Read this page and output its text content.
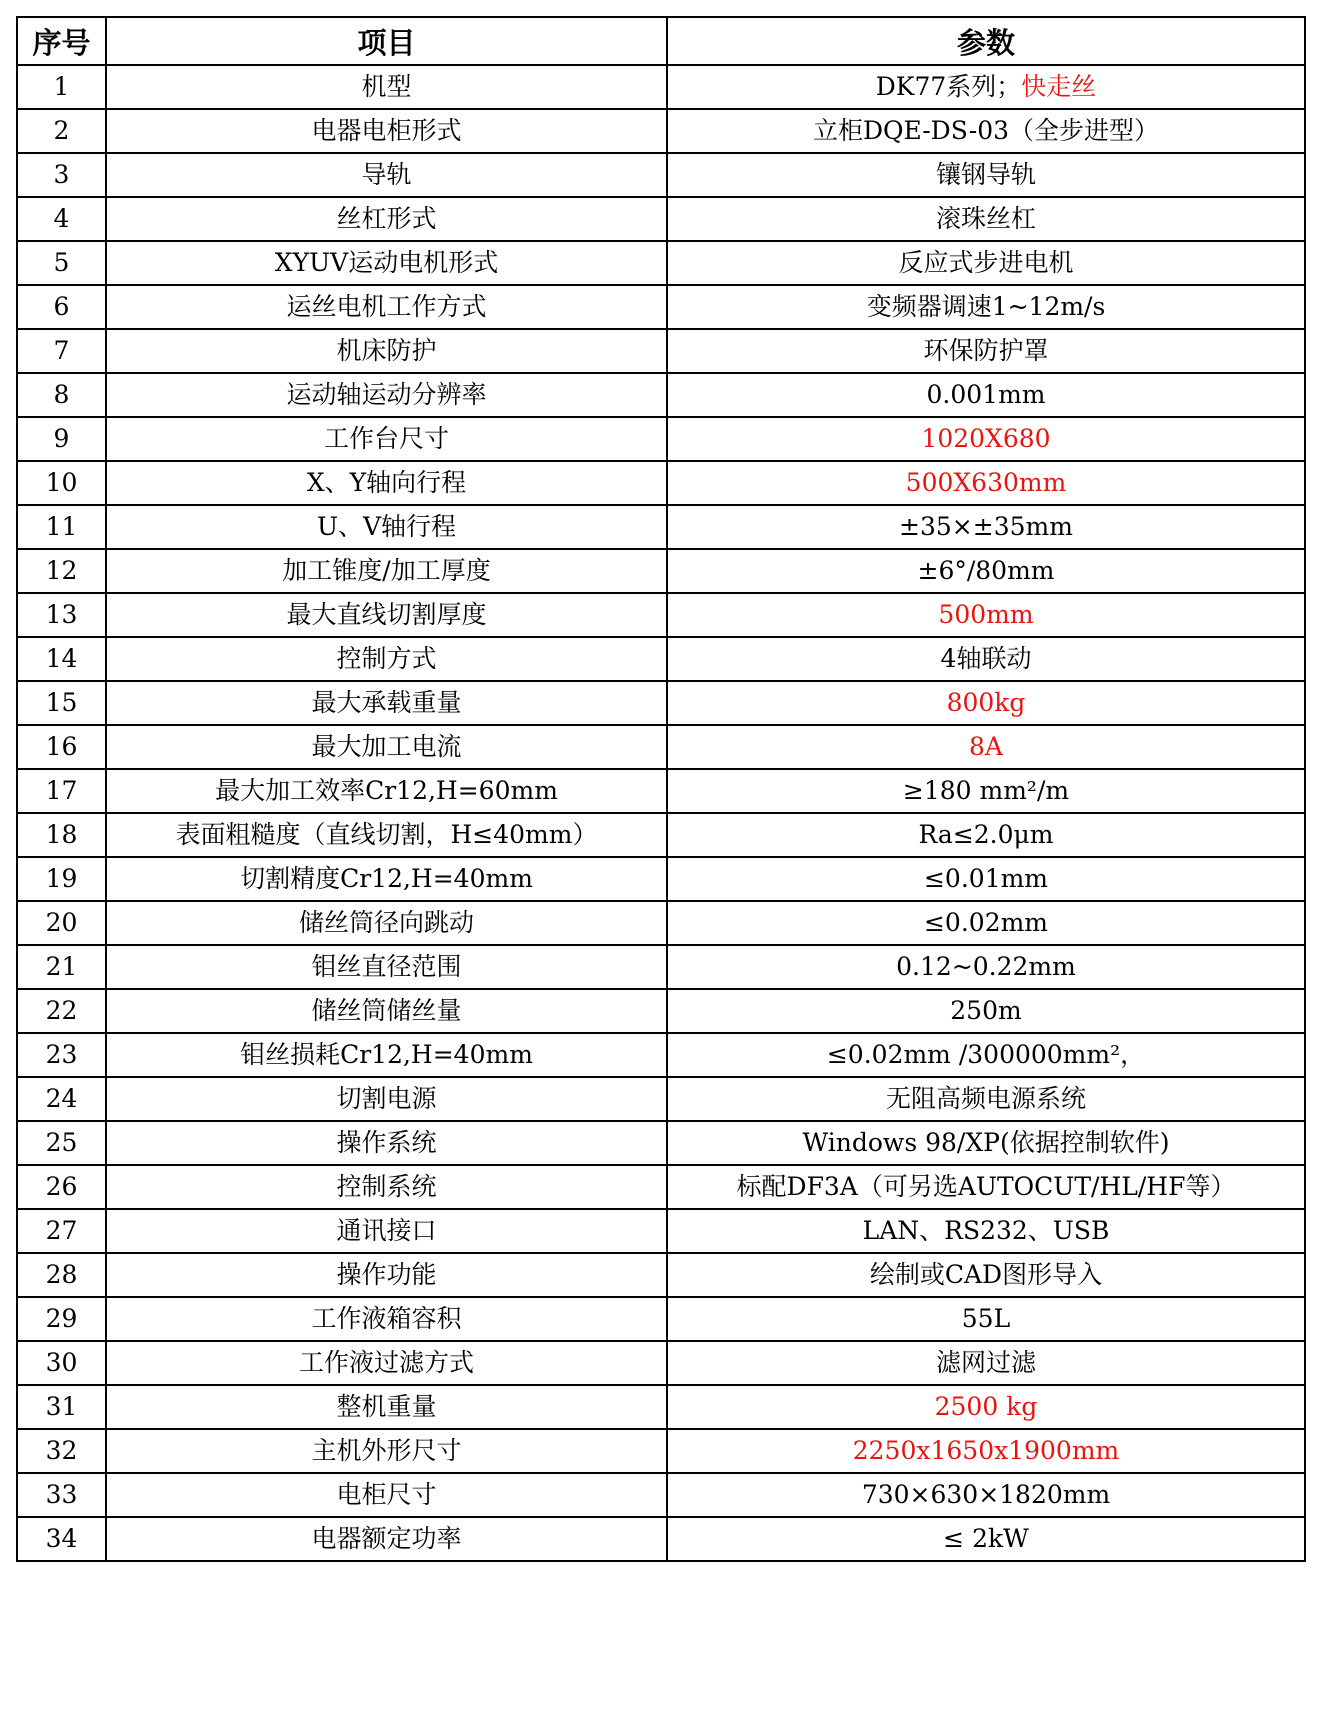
序号	项目	参数
1	机型	DK77系列；快走丝
2	电器电柜形式	立柜DQE-DS-03（全步进型）
3	导轨	镶钢导轨
4	丝杠形式	滚珠丝杠
5	XYUV运动电机形式	反应式步进电机
6	运丝电机工作方式	变频器调速1~12m/s
7	机床防护	环保防护罩
8	运动轴运动分辨率	0.001mm
9	工作台尺寸	1020X680
10	X、Y轴向行程	500X630mm
11	U、V轴行程	±35×±35mm
12	加工锥度/加工厚度	±6°/80mm
13	最大直线切割厚度	500mm
14	控制方式	4轴联动
15	最大承载重量	800kg
16	最大加工电流	8A
17	最大加工效率Cr12,H=60mm	≥180 mm²/m
18	表面粗糙度（直线切割，H≤40mm）	Ra≤2.0μm
19	切割精度Cr12,H=40mm	≤0.01mm
20	储丝筒径向跳动	≤0.02mm
21	钼丝直径范围	0.12~0.22mm
22	储丝筒储丝量	250m
23	钼丝损耗Cr12,H=40mm	≤0.02mm /300000mm²，
24	切割电源	无阻高频电源系统
25	操作系统	Windows 98/XP(依据控制软件)
26	控制系统	标配DF3A（可另选AUTOCUT/HL/HF等）
27	通讯接口	LAN、RS232、USB
28	操作功能	绘制或CAD图形导入
29	工作液箱容积	55L
30	工作液过滤方式	滤网过滤
31	整机重量	2500 kg
32	主机外形尺寸	2250x1650x1900mm
33	电柜尺寸	730×630×1820mm
34	电器额定功率	≤ 2kW
